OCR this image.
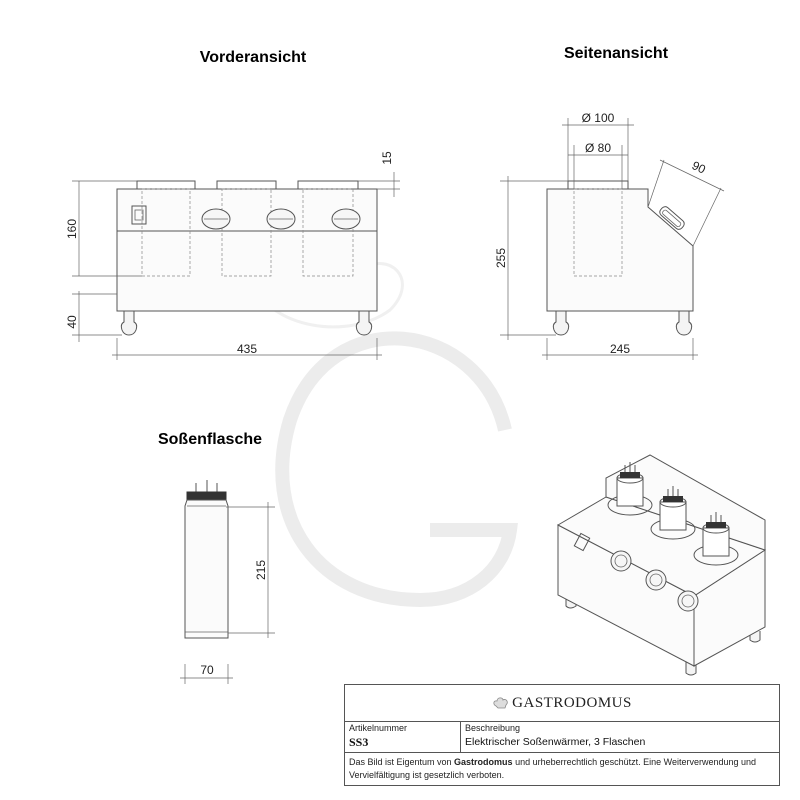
Vorderansicht	Seitenansicht
Soßenflasche
15
160
40
435
Ø 100
Ø 80
90
255
245
215
70
GASTRODOMUS
Artikelnummer
SS3
Beschreibung
Elektrischer Soßenwärmer, 3 Flaschen
Das Bild ist Eigentum von Gastrodomus und urheberrechtlich geschützt. Eine Weiterverwendung und Vervielfältigung ist gesetzlich verboten.
